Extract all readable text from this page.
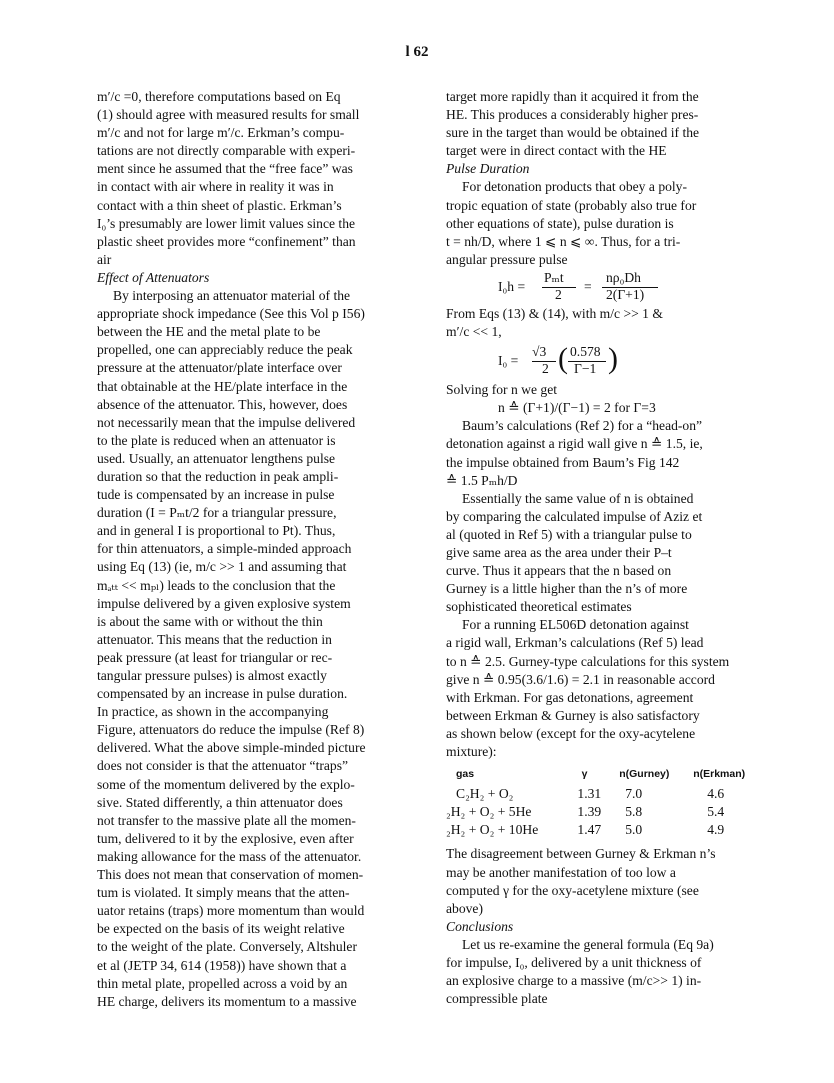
l 62
m′/c =0, therefore computations based on Eq
(1) should agree with measured results for small
m′/c and not for large m′/c. Erkman’s compu-
tations are not directly comparable with experi-
ment since he assumed that the “free face” was
in contact with air where in reality it was in
contact with a thin sheet of plastic. Erkman’s
I₀’s presumably are lower limit values since the
plastic sheet provides more “confinement” than
air
Effect of Attenuators
By interposing an attenuator material of the
appropriate shock impedance (See this Vol p I56)
between the HE and the metal plate to be
propelled, one can appreciably reduce the peak
pressure at the attenuator/plate interface over
that obtainable at the HE/plate interface in the
absence of the attenuator. This, however, does
not necessarily mean that the impulse delivered
to the plate is reduced when an attenuator is
used. Usually, an attenuator lengthens pulse
duration so that the reduction in peak ampli-
tude is compensated by an increase in pulse
duration (I = Pₘt/2 for a triangular pressure,
and in general I is proportional to Pt). Thus,
for thin attenuators, a simple-minded approach
using Eq (13) (ie, m/c >> 1 and assuming that
mₐₜₜ << mₚₗ) leads to the conclusion that the
impulse delivered by a given explosive system
is about the same with or without the thin
attenuator. This means that the reduction in
peak pressure (at least for triangular or rec-
tangular pressure pulses) is almost exactly
compensated by an increase in pulse duration.
In practice, as shown in the accompanying
Figure, attenuators do reduce the impulse (Ref 8)
delivered. What the above simple-minded picture
does not consider is that the attenuator “traps”
some of the momentum delivered by the explo-
sive. Stated differently, a thin attenuator does
not transfer to the massive plate all the momen-
tum, delivered to it by the explosive, even after
making allowance for the mass of the attenuator.
This does not mean that conservation of momen-
tum is violated. It simply means that the atten-
uator retains (traps) more momentum than would
be expected on the basis of its weight relative
to the weight of the plate. Conversely, Altshuler
et al (JETP 34, 614 (1958)) have shown that a
thin metal plate, propelled across a void by an
HE charge, delivers its momentum to a massive
target more rapidly than it acquired it from the
HE. This produces a considerably higher pres-
sure in the target than would be obtained if the
target were in direct contact with the HE
Pulse Duration
For detonation products that obey a poly-
tropic equation of state (probably also true for
other equations of state), pulse duration is
t = nh/D, where 1 ⩽ n ⩽ ∞. Thus, for a tri-
angular pressure pulse
I₀h =
Pₘt
2
=
nρ₀Dh
2(Γ+1)
From Eqs (13) & (14), with m/c >> 1 &
m′/c << 1,
I₀ =
√3
2 ( 0.578
Γ−1 )
Solving for n we get
n ≙ (Γ+1)/(Γ−1) = 2 for Γ=3
Baum’s calculations (Ref 2) for a “head-on”
detonation against a rigid wall give n ≙ 1.5, ie,
the impulse obtained from Baum’s Fig 142
≙ 1.5 Pₘh/D
Essentially the same value of n is obtained
by comparing the calculated impulse of Aziz et
al (quoted in Ref 5) with a triangular pulse to
give same area as the area under their P–t
curve. Thus it appears that the n based on
Gurney is a little higher than the n’s of more
sophisticated theoretical estimates
For a running EL506D detonation against
a rigid wall, Erkman’s calculations (Ref 5) lead
to n ≙ 2.5. Gurney-type calculations for this system
give n ≙ 0.95(3.6/1.6) = 2.1 in reasonable accord
with Erkman. For gas detonations, agreement
between Erkman & Gurney is also satisfactory
as shown below (except for the oxy-acytelene
mixture):
gas	γ	n(Gurney)	n(Erkman)
C₂H₂ + O₂	1.31	7.0	4.6
₂H₂ + O₂ + 5He	1.39	5.8	5.4
₂H₂ + O₂ + 10He	1.47	5.0	4.9
The disagreement between Gurney & Erkman n’s
may be another manifestation of too low a
computed γ for the oxy-acetylene mixture (see
above)
Conclusions
Let us re-examine the general formula (Eq 9a)
for impulse, I₀, delivered by a unit thickness of
an explosive charge to a massive (m/c>> 1) in-
compressible plate
